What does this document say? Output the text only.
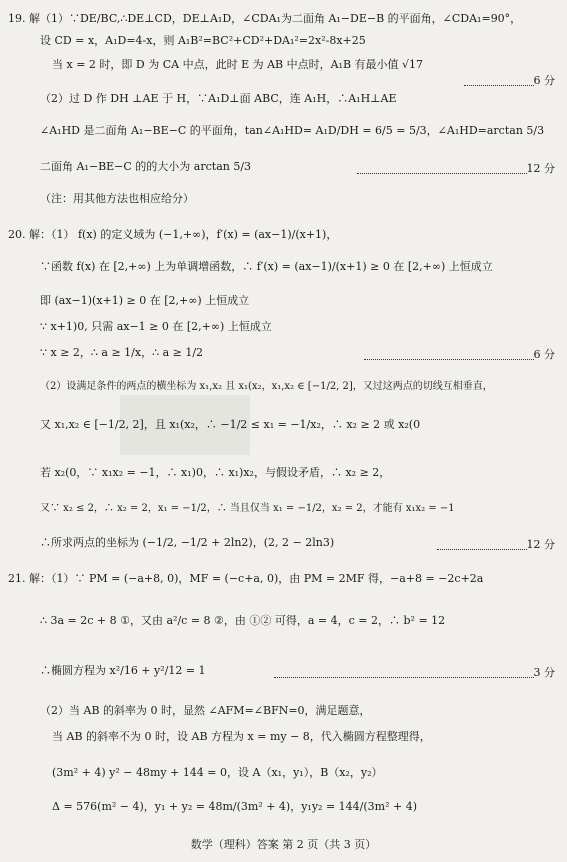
19. 解（1）∵DE/BC,∴DE⊥CD，DE⊥A₁D，∠CDA₁为二面角 A₁−DE−B 的平面角，∠CDA₁=90°，
设 CD = x，A₁D=4-x，则 A₁B²=BC²+CD²+DA₁²=2x²-8x+25
当 x = 2 时，即 D 为 CA 中点，此时 E 为 AB 中点时，A₁B 有最小值 √17
6 分
（2）过 D 作 DH ⊥AE 于 H，∵A₁D⊥面 ABC，连 A₁H，∴A₁H⊥AE
∠A₁HD 是二面角 A₁−BE−C 的平面角，tan∠A₁HD= A₁D/DH = 6/5 = 5/3，∠A₁HD=arctan 5/3
二面角 A₁−BE−C 的的大小为 arctan 5/3	12 分
（注：用其他方法也相应给分）
20. 解：（1） f(x) 的定义域为 (−1,+∞)，f′(x) = (ax−1)/(x+1)，
∵函数 f(x) 在 [2,+∞) 上为单调增函数，∴ f′(x) = (ax−1)/(x+1) ≥ 0 在 [2,+∞) 上恒成立
即 (ax−1)(x+1) ≥ 0 在 [2,+∞) 上恒成立
∵ x+1)0, 只需 ax−1 ≥ 0 在 [2,+∞) 上恒成立
∵ x ≥ 2，∴ a ≥ 1/x，∴ a ≥ 1/2	6 分
（2）设满足条件的两点的横坐标为 x₁,x₂ 且 x₁(x₂，x₁,x₂ ∈ [−1/2, 2]，又过这两点的切线互相垂直，
又 x₁,x₂ ∈ [−1/2, 2]，且 x₁(x₂，∴ −1/2 ≤ x₁ = −1/x₂，∴ x₂ ≥ 2 或 x₂(0
若 x₂(0，∵ x₁x₂ = −1，∴ x₁)0，∴ x₁)x₂，与假设矛盾，∴ x₂ ≥ 2，
又∵ x₂ ≤ 2，∴ x₂ = 2，x₁ = −1/2，∴ 当且仅当 x₁ = −1/2，x₂ = 2，才能有 x₁x₂ = −1
∴所求两点的坐标为 (−1/2, −1/2 + 2ln2)，(2, 2 − 2ln3)	12 分
21. 解：（1）∵ PM = (−a+8, 0)，MF = (−c+a, 0)，由 PM = 2MF 得，−a+8 = −2c+2a
∴ 3a = 2c + 8 ①，又由 a²/c = 8 ②，由 ①② 可得，a = 4，c = 2，∴ b² = 12
∴椭圆方程为 x²/16 + y²/12 = 1	3 分
（2）当 AB 的斜率为 0 时，显然 ∠AFM=∠BFN=0，满足题意，
当 AB 的斜率不为 0 时，设 AB 方程为 x = my − 8，代入椭圆方程整理得，
(3m² + 4) y² − 48my + 144 = 0，设 A（x₁，y₁），B（x₂，y₂）
Δ = 576(m² − 4)，y₁ + y₂ = 48m/(3m² + 4)，y₁y₂ = 144/(3m² + 4)
数学（理科）答案 第 2 页（共 3 页）
